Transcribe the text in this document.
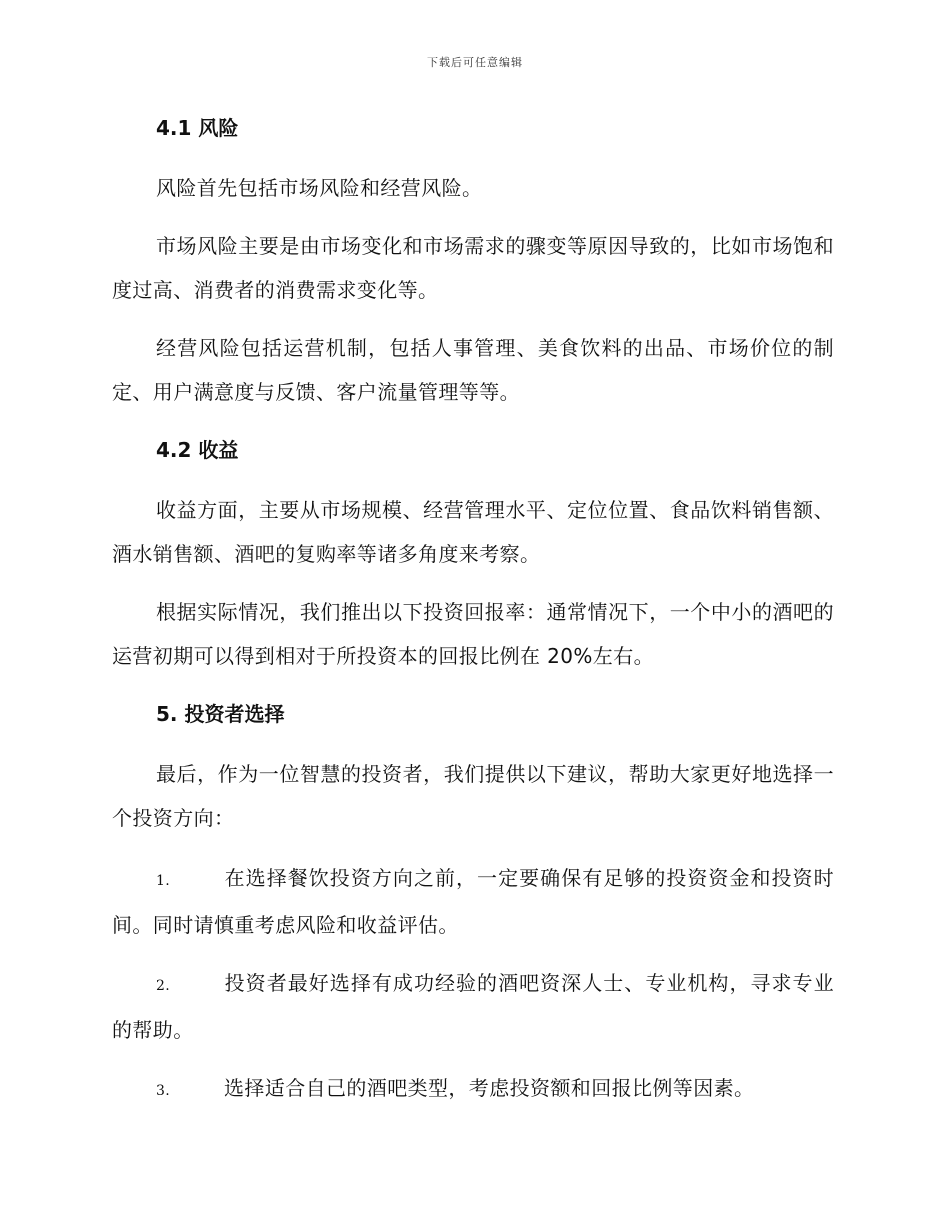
下载后可任意编辑
4.1 风险

风险首先包括市场风险和经营风险。

市场风险主要是由市场变化和市场需求的骤变等原因导致的，比如市场饱和度过高、消费者的消费需求变化等。

经营风险包括运营机制，包括人事管理、美食饮料的出品、市场价位的制定、用户满意度与反馈、客户流量管理等等。

4.2 收益

收益方面，主要从市场规模、经营管理水平、定位位置、食品饮料销售额、酒水销售额、酒吧的复购率等诸多角度来考察。

根据实际情况，我们推出以下投资回报率：通常情况下，一个中小的酒吧的运营初期可以得到相对于所投资本的回报比例在 20%左右。

5. 投资者选择

最后，作为一位智慧的投资者，我们提供以下建议，帮助大家更好地选择一个投资方向：

1.	在选择餐饮投资方向之前，一定要确保有足够的投资资金和投资时间。同时请慎重考虑风险和收益评估。

2.	投资者最好选择有成功经验的酒吧资深人士、专业机构，寻求专业的帮助。

3.	选择适合自己的酒吧类型，考虑投资额和回报比例等因素。
